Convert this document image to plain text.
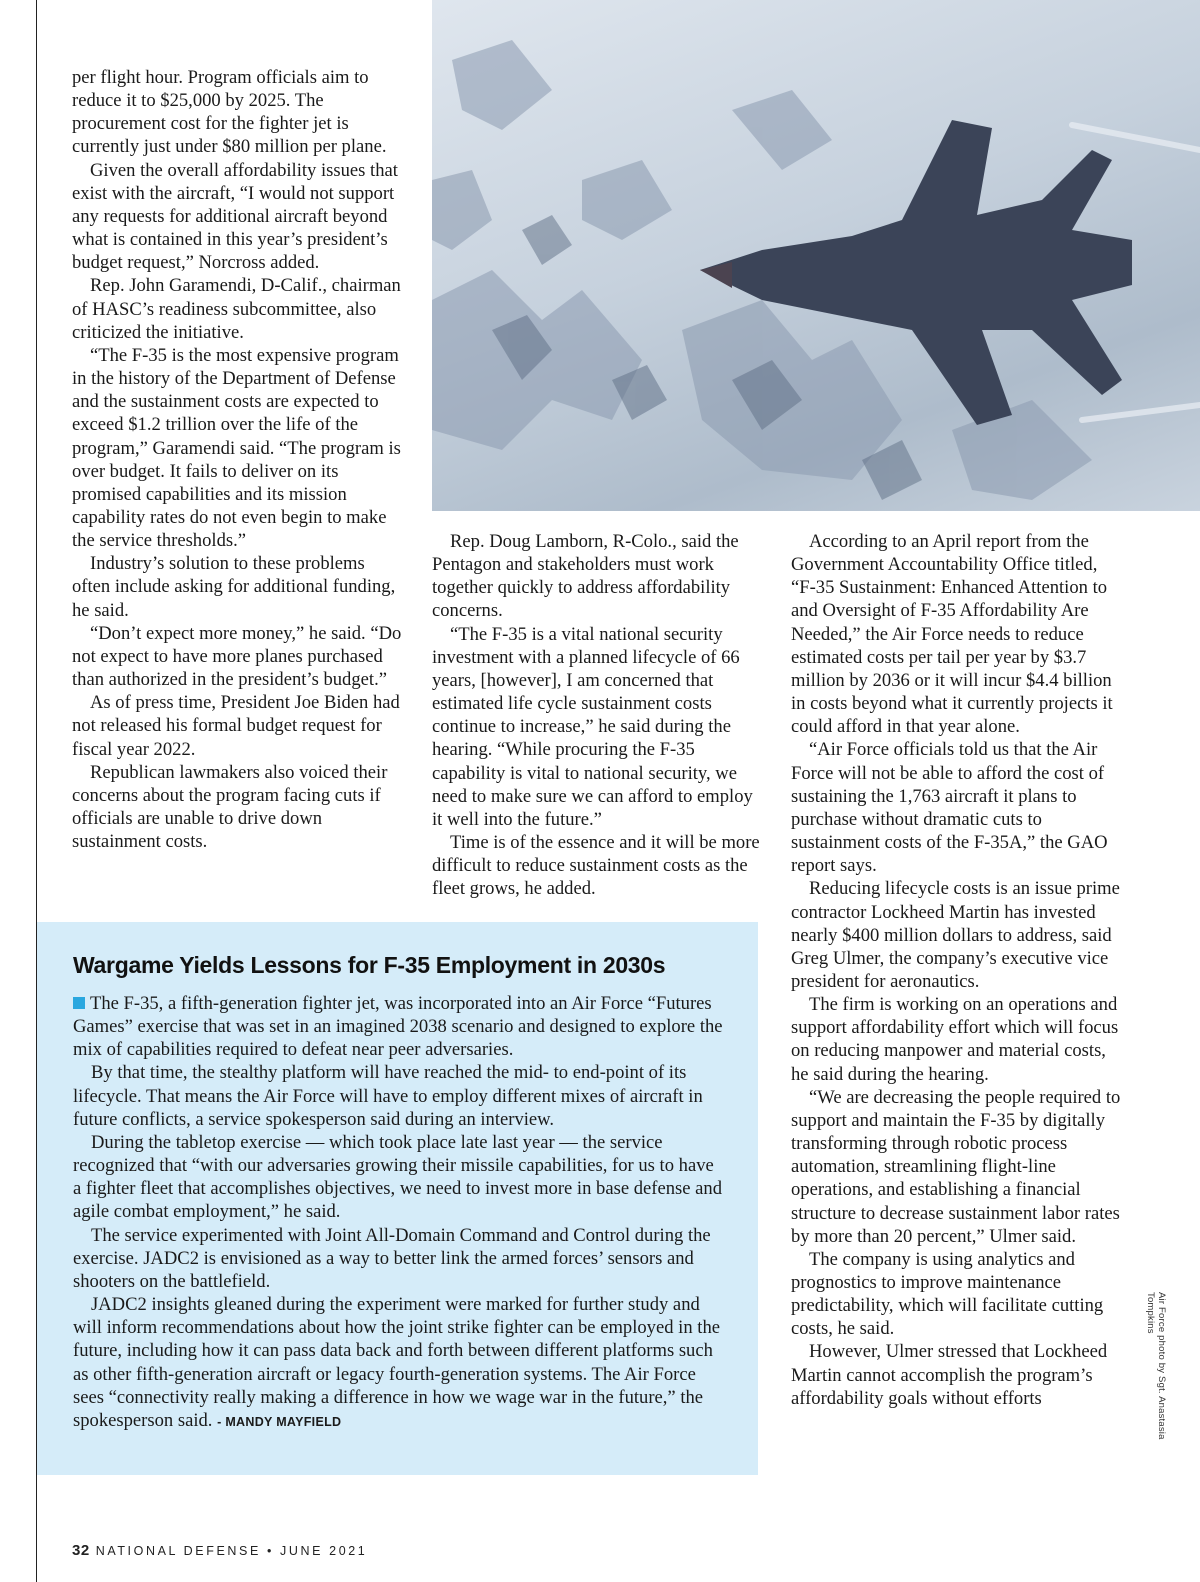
per flight hour. Program officials aim to reduce it to $25,000 by 2025. The procurement cost for the fighter jet is currently just under $80 million per plane.

Given the overall affordability issues that exist with the aircraft, “I would not support any requests for additional aircraft beyond what is contained in this year’s president’s budget request,” Norcross added.

Rep. John Garamendi, D-Calif., chairman of HASC’s readiness subcommittee, also criticized the initiative.

“The F-35 is the most expensive program in the history of the Department of Defense and the sustainment costs are expected to exceed $1.2 trillion over the life of the program,” Garamendi said. “The program is over budget. It fails to deliver on its promised capabilities and its mission capability rates do not even begin to make the service thresholds.”

Industry’s solution to these problems often include asking for additional funding, he said.

“Don’t expect more money,” he said. “Do not expect to have more planes purchased than authorized in the president’s budget.”

As of press time, President Joe Biden had not released his formal budget request for fiscal year 2022.

Republican lawmakers also voiced their concerns about the program facing cuts if officials are unable to drive down sustainment costs.

Rep. Doug Lamborn, R-Colo., said the Pentagon and stakeholders must work together quickly to address affordability concerns.

“The F-35 is a vital national security investment with a planned lifecycle of 66 years, [however], I am concerned that estimated life cycle sustainment costs continue to increase,” he said during the hearing. “While procuring the F-35 capability is vital to national security, we need to make sure we can afford to employ it well into the future.”

Time is of the essence and it will be more difficult to reduce sustainment costs as the fleet grows, he added.

According to an April report from the Government Accountability Office titled, “F-35 Sustainment: Enhanced Attention to and Oversight of F-35 Affordability Are Needed,” the Air Force needs to reduce estimated costs per tail per year by $3.7 million by 2036 or it will incur $4.4 billion in costs beyond what it currently projects it could afford in that year alone.

“Air Force officials told us that the Air Force will not be able to afford the cost of sustaining the 1,763 aircraft it plans to purchase without dramatic cuts to sustainment costs of the F-35A,” the GAO report says.

Reducing lifecycle costs is an issue prime contractor Lockheed Martin has invested nearly $400 million dollars to address, said Greg Ulmer, the company’s executive vice president for aeronautics.

The firm is working on an operations and support affordability effort which will focus on reducing manpower and material costs, he said during the hearing.

“We are decreasing the people required to support and maintain the F-35 by digitally transforming through robotic process automation, streamlining flight-line operations, and establishing a financial structure to decrease sustainment labor rates by more than 20 percent,” Ulmer said.

The company is using analytics and prognostics to improve maintenance predictability, which will facilitate cutting costs, he said.

However, Ulmer stressed that Lockheed Martin cannot accomplish the program’s affordability goals without efforts

Wargame Yields Lessons for F-35 Employment in 2030s

The F-35, a fifth-generation fighter jet, was incorporated into an Air Force “Futures Games” exercise that was set in an imagined 2038 scenario and designed to explore the mix of capabilities required to defeat near peer adversaries.

By that time, the stealthy platform will have reached the mid- to end-point of its lifecycle. That means the Air Force will have to employ different mixes of aircraft in future conflicts, a service spokesperson said during an interview.

During the tabletop exercise — which took place late last year — the service recognized that “with our adversaries growing their missile capabilities, for us to have a fighter fleet that accomplishes objectives, we need to invest more in base defense and agile combat employment,” he said.

The service experimented with Joint All-Domain Command and Control during the exercise. JADC2 is envisioned as a way to better link the armed forces’ sensors and shooters on the battlefield.

JADC2 insights gleaned during the experiment were marked for further study and will inform recommendations about how the joint strike fighter can be employed in the future, including how it can pass data back and forth between different platforms such as other fifth-generation aircraft or legacy fourth-generation systems. The Air Force sees “connectivity really making a difference in how we wage war in the future,” the spokesperson said. - MANDY MAYFIELD	Air Force photo by Sgt. Anastasia Tompkins
32 NATIONAL DEFENSE • JUNE 2021
